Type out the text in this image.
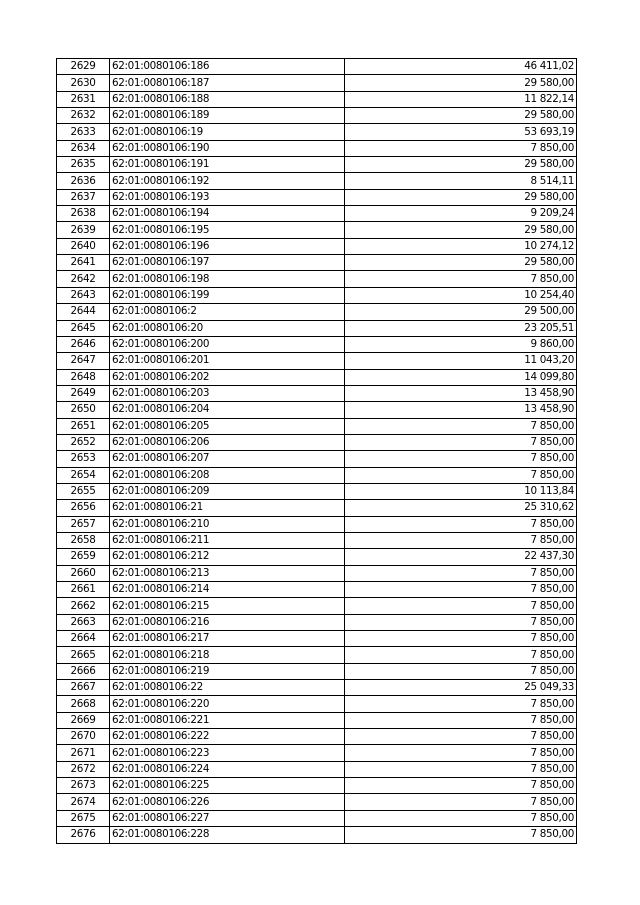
2629	62:01:0080106:186	46 411,02
2630	62:01:0080106:187	29 580,00
2631	62:01:0080106:188	11 822,14
2632	62:01:0080106:189	29 580,00
2633	62:01:0080106:19	53 693,19
2634	62:01:0080106:190	7 850,00
2635	62:01:0080106:191	29 580,00
2636	62:01:0080106:192	8 514,11
2637	62:01:0080106:193	29 580,00
2638	62:01:0080106:194	9 209,24
2639	62:01:0080106:195	29 580,00
2640	62:01:0080106:196	10 274,12
2641	62:01:0080106:197	29 580,00
2642	62:01:0080106:198	7 850,00
2643	62:01:0080106:199	10 254,40
2644	62:01:0080106:2	29 500,00
2645	62:01:0080106:20	23 205,51
2646	62:01:0080106:200	9 860,00
2647	62:01:0080106:201	11 043,20
2648	62:01:0080106:202	14 099,80
2649	62:01:0080106:203	13 458,90
2650	62:01:0080106:204	13 458,90
2651	62:01:0080106:205	7 850,00
2652	62:01:0080106:206	7 850,00
2653	62:01:0080106:207	7 850,00
2654	62:01:0080106:208	7 850,00
2655	62:01:0080106:209	10 113,84
2656	62:01:0080106:21	25 310,62
2657	62:01:0080106:210	7 850,00
2658	62:01:0080106:211	7 850,00
2659	62:01:0080106:212	22 437,30
2660	62:01:0080106:213	7 850,00
2661	62:01:0080106:214	7 850,00
2662	62:01:0080106:215	7 850,00
2663	62:01:0080106:216	7 850,00
2664	62:01:0080106:217	7 850,00
2665	62:01:0080106:218	7 850,00
2666	62:01:0080106:219	7 850,00
2667	62:01:0080106:22	25 049,33
2668	62:01:0080106:220	7 850,00
2669	62:01:0080106:221	7 850,00
2670	62:01:0080106:222	7 850,00
2671	62:01:0080106:223	7 850,00
2672	62:01:0080106:224	7 850,00
2673	62:01:0080106:225	7 850,00
2674	62:01:0080106:226	7 850,00
2675	62:01:0080106:227	7 850,00
2676	62:01:0080106:228	7 850,00
